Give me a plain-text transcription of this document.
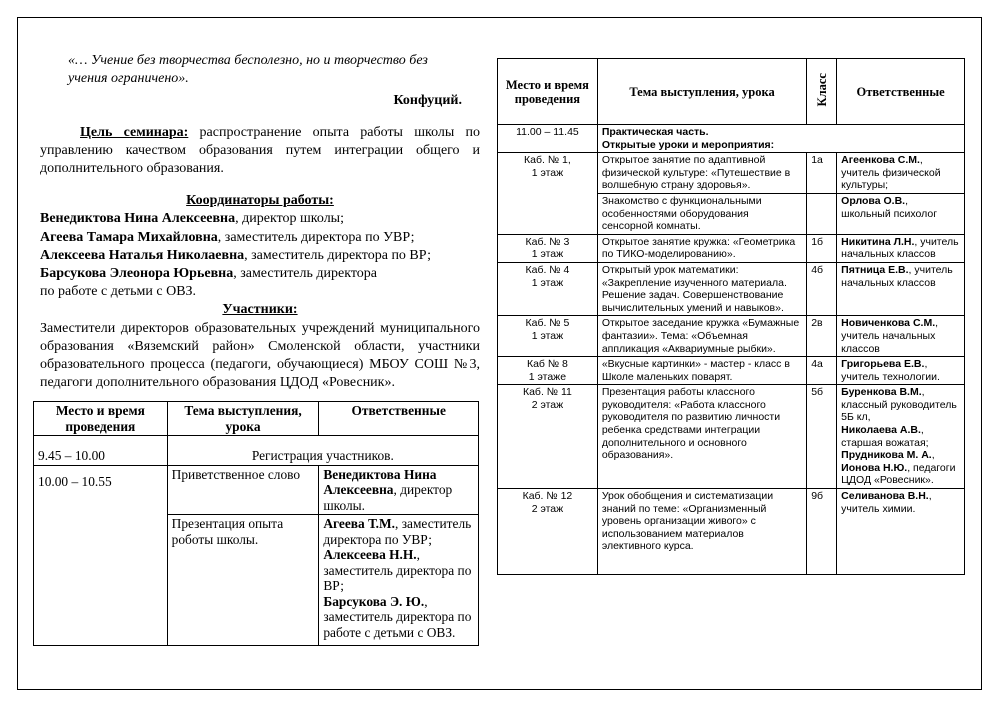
«… Учение без творчества бесполезно, но и творчество без

учения ограничено».

Конфуций.

Цель семинара: распространение опыта работы школы по управлению качеством образования путем интеграции общего и дополнительного образования.

Координаторы работы:

Венедиктова Нина Алексеевна, директор школы;

Агеева Тамара Михайловна, заместитель директора по УВР;

Алексеева Наталья Николаевна, заместитель директора по ВР;

Барсукова Элеонора Юрьевна, заместитель директора

по работе с детьми с ОВЗ.

Участники:

Заместители директоров образовательных учреждений муниципального образования «Вяземский район» Смоленской области, участники образовательного процесса (педагоги, обучающиеся) МБОУ СОШ №3, педагоги дополнительного образования ЦДОД «Ровесник».

Место и время проведения	Тема выступления, урока	Ответственные
9.45 – 10.00	Регистрация участников.	
10.00 – 10.55	Приветственное слово	Венедиктова Нина Алексеевна, директор школы.
	Презентация опыта роботы школы.	Агеева Т.М., заместитель директора по УВР;
Алексеева Н.Н., заместитель директора по ВР;
Барсукова Э. Ю., заместитель директора по работе с детьми с ОВЗ.
Место и время проведения	Тема выступления, урока	Класс	Ответственные
11.00 – 11.45	Практическая часть.
Открытые уроки и мероприятия:		
Каб. № 1,
1 этаж	Открытое занятие по адаптивной физической культуре: «Путешествие в волшебную страну здоровья».	1а	Агеенкова С.М., учитель физической культуры;
	Знакомство с функциональными особенностями оборудования сенсорной комнаты.		Орлова О.В., школьный психолог
Каб. № 3
1 этаж	Открытое занятие кружка: «Геометрика по ТИКО-моделированию».	1б	Никитина Л.Н., учитель начальных классов
Каб. № 4
1 этаж	Открытый урок математики: «Закрепление изученного материала. Решение задач. Совершенствование вычислительных умений и навыков».	4б	Пятница Е.В., учитель начальных классов
Каб. № 5
1 этаж	Открытое заседание кружка «Бумажные фантазии». Тема: «Объемная аппликация «Аквариумные рыбки».	2в	Новиченкова С.М., учитель начальных классов
Каб № 8
1 этаже	«Вкусные картинки» - мастер - класс в Школе маленьких поварят.	4а	Григорьева Е.В., учитель технологии.
Каб. № 11
2 этаж	Презентация работы классного руководителя: «Работа классного руководителя по развитию личности ребенка средствами интеграции дополнительного и основного образования».	5б	Буренкова В.М., классный руководитель 5Б кл,
Николаева А.В., старшая вожатая;
Прудникова М. А.,
Ионова Н.Ю., педагоги ЦДОД «Ровесник».
Каб. № 12
2 этаж	Урок обобщения и систематизации знаний по теме: «Организменный уровень организации живого» с использованием материалов элективного курса.	9б	Селиванова В.Н., учитель химии.
